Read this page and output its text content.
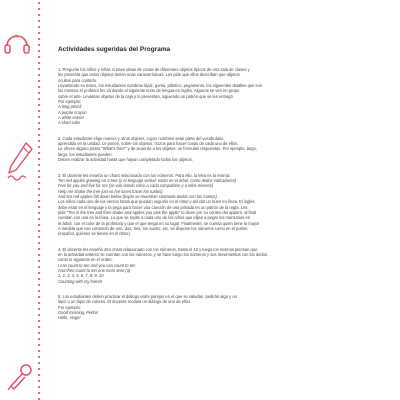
Actividades sugeridas del Programa
1. Pregunte los niños y niñas si traen ideas de cosas de diferentes objetos típicos de una sala de clases y
les presenta que estos objetos tienen unas características. Les pide que ellos describan que objetos
ocultos para contarlo.
Levantando su mano, los estudiantes nombran lápiz, goma, plástico, pegamento, los siguientes detalles que son
los mismos el profesor les va dando el siguiente texto de lengua en inglés. Algunos se ven en grupo
sobre el arte. Levantan objetos de la caja y lo presentan, siguiendo un patrón que se les entregó.
Por ejemplo:
A long pencil
A purple crayon
A white eraser
A short ruler
2. Cada estudiante elige nuevos y otros objetos, cuyos nombres sean parte del vocabulario
aprendido en la unidad. Le ponen, sobre los objetos, trozos para hacer cosas de cada uno de ellos.
Le ofrece alguno pictos "What's this?" y de acuerdo a los objetos, se formulan respuestas. Por ejemplo, largo,
largo, los estudiantes pueden.
Deben realizar la actividad hasta que hayan completado todos los objetos.
3. El docente les enseña un chant relacionado con los números. Para ello, la letra es la misma:
Ten red apples growing on a tree (y el lenguaje verbal: están en el árbol, como dedos indicadores)
Five for you and five for me (se van dando cinco a cada compañero y a ellos mismos)
Help me shake the tree just so (se lucen hacer los ruidos)
And ten red apples fall down below (bajan se muestran contando dedos con las manos)
Los niños cada uno de los versos hasta que puedan seguirlo en el ritmo y así dar un buen en línea. El inglés
debe estar en el lenguaje y la pega para hacer una canción de una jornada en un patrón de la regla. Les
pide "Ten in the tree and then shake and apples you pick the apple" lo dicen por su conteo del apple's, al final
cuentan con una en la línea. Lo que se repite a cada uno de los niños que elijan a pegar los manzanas en
el árbol, con el color de la profesora y que el que tenga en su lugar. Finalmente, se cuenta quién tiene la mayor
A medida que van contando de uno, dos, tres, los cuatro, etc. se dispone los números como en el poster.
(español, quiénes se tienen en el ritmo)
4. El docente les enseña otro chant relacionado con los números, hasta el 10 y luego los mismos piensan que
en la actividad anterior se cuentan con los números, y se hace luego los números y sus movimientos con los dedos,
como lo siguiente en el orden:
I can count to ten and you can count to ten
And then count to ten one more time (a)
1, 2, 3, 4, 5, 6, 7, 8, 9, 10
Counting with my friend!
5. Los estudiantes deben practicar el diálogo entre parejas en el que se saludan, pedirán algo y un
lápiz o un lápiz de colores. El docente modela un diálogo de uno de ellos.
Por ejemplo:
Good morning, Pedro!
Hello, Hugo!
